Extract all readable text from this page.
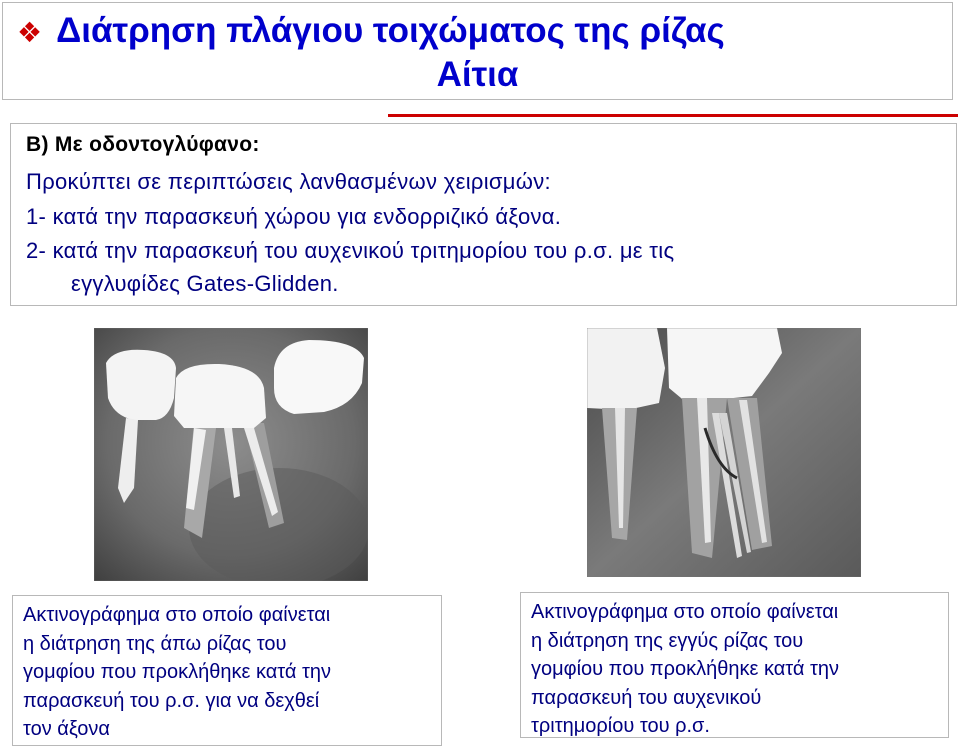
❖ Διάτρηση πλάγιου τοιχώματος της ρίζας
Αίτια
Β) Με οδοντογλύφανο:
Προκύπτει σε περιπτώσεις λανθασμένων χειρισμών:
1- κατά την παρασκευή χώρου για ενδορριζικό άξονα.
2- κατά την παρασκευή του αυχενικού τριτημορίου του ρ.σ. με τις
εγγλυφίδες Gates-Glidden.
Ακτινογράφημα στο οποίο φαίνεται
η διάτρηση της άπω ρίζας του
γομφίου που προκλήθηκε κατά την
παρασκευή του ρ.σ. για να δεχθεί
τον άξονα
Ακτινογράφημα στο οποίο φαίνεται
η διάτρηση της εγγύς ρίζας του
γομφίου που προκλήθηκε κατά την
παρασκευή του αυχενικού
τριτημορίου του ρ.σ.
